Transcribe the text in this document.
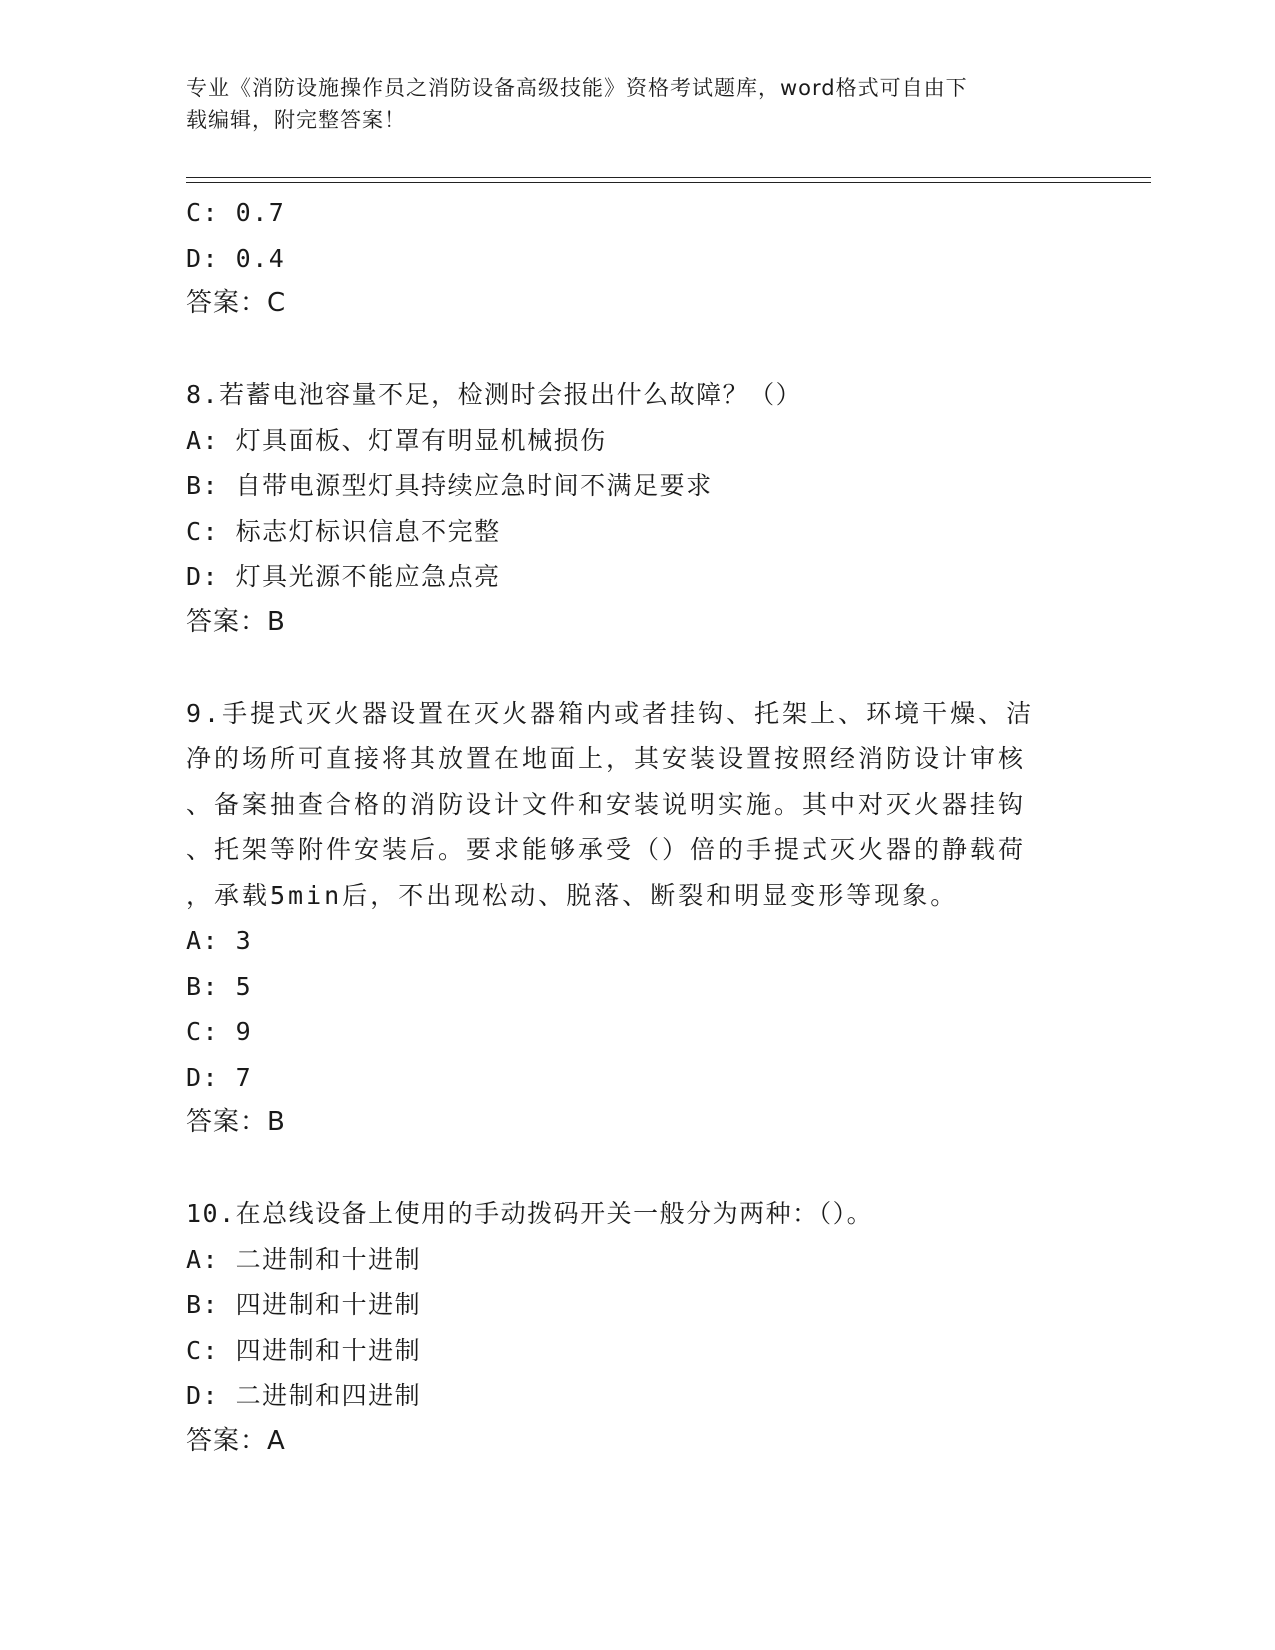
专业《消防设施操作员之消防设备高级技能》资格考试题库，word格式可自由下
载编辑，附完整答案！
C: 0.7
D: 0.4
答案：C
8.若蓄电池容量不足，检测时会报出什么故障？（）
A: 灯具面板、灯罩有明显机械损伤
B: 自带电源型灯具持续应急时间不满足要求
C: 标志灯标识信息不完整
D: 灯具光源不能应急点亮
答案：B
9.手提式灭火器设置在灭火器箱内或者挂钩、托架上、环境干燥、洁
净的场所可直接将其放置在地面上，其安装设置按照经消防设计审核
、备案抽查合格的消防设计文件和安装说明实施。其中对灭火器挂钩
、托架等附件安装后。要求能够承受（）倍的手提式灭火器的静载荷
，承载5min后，不出现松动、脱落、断裂和明显变形等现象。
A: 3
B: 5
C: 9
D: 7
答案：B
10.在总线设备上使用的手动拨码开关一般分为两种：（）。
A: 二进制和十进制
B: 四进制和十进制
C: 四进制和十进制
D: 二进制和四进制
答案：A
